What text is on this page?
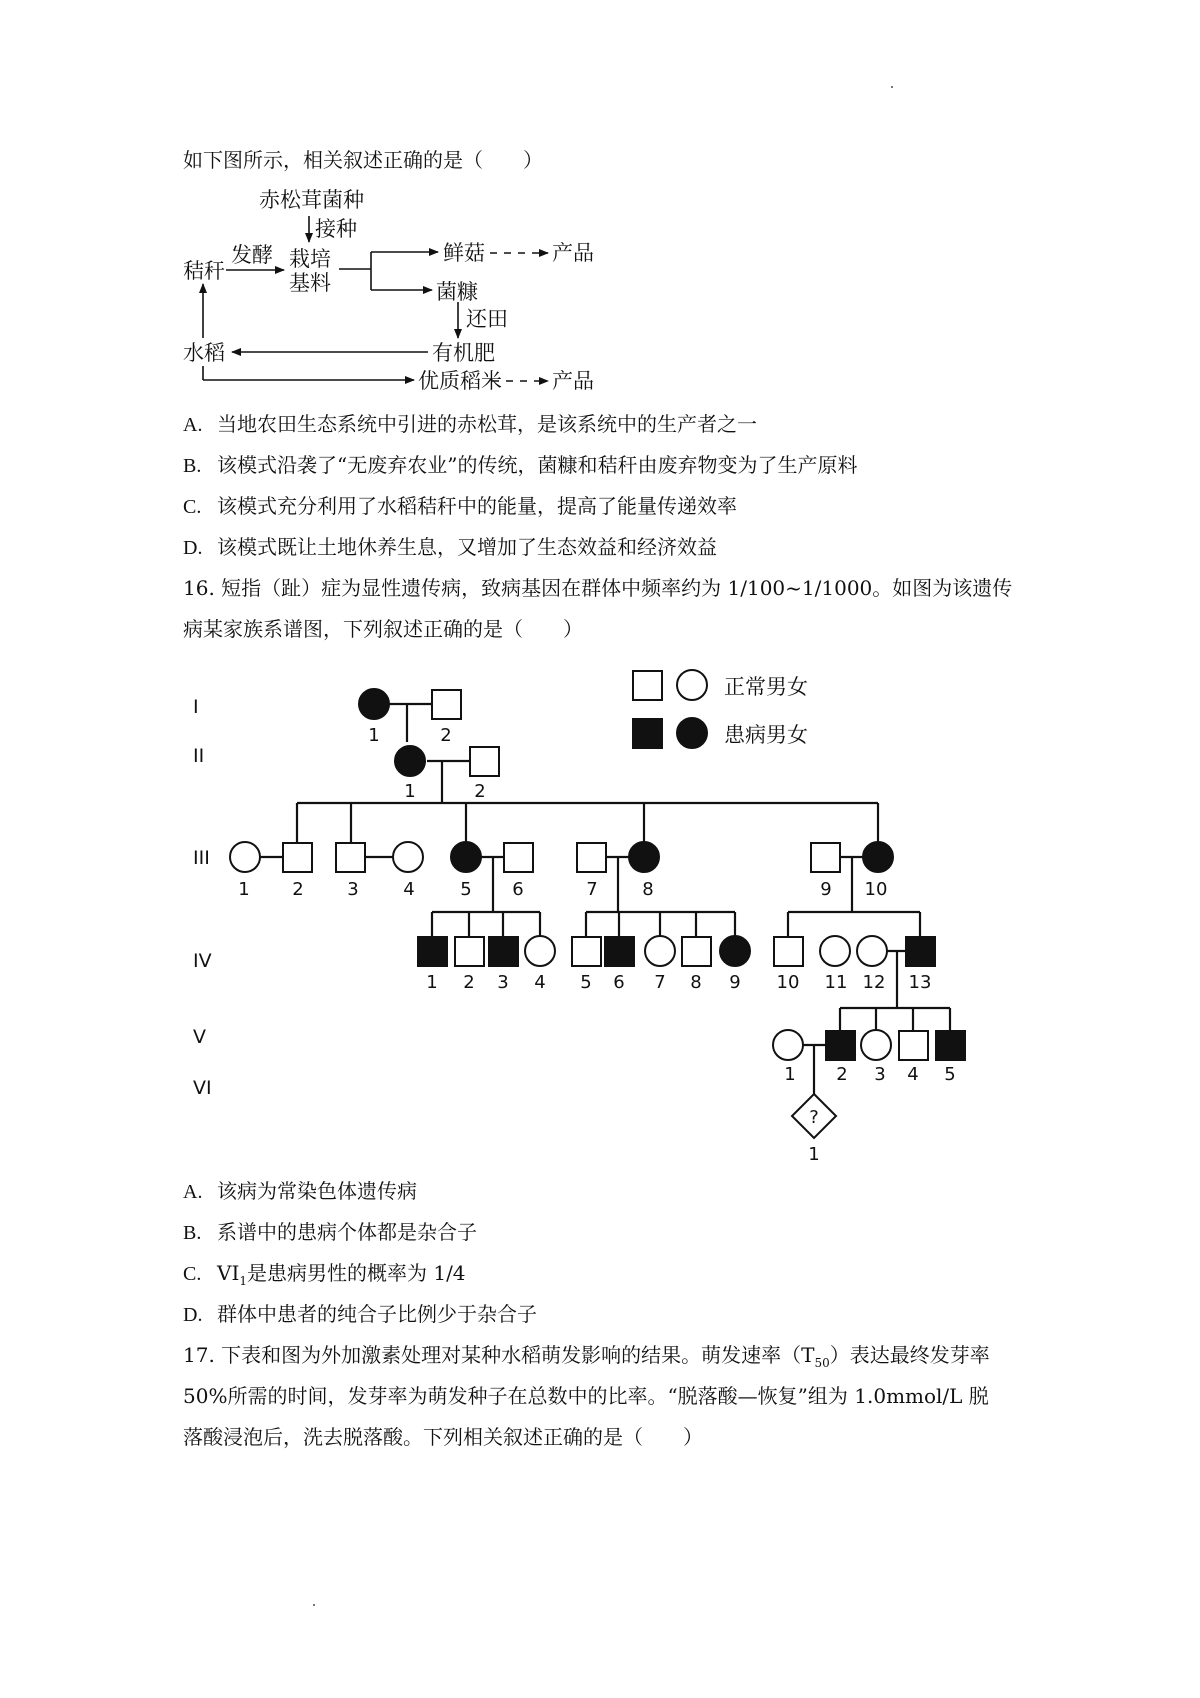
如下图所示，相关叙述正确的是（　　）
赤松茸菌种
接种
发酵
秸秆	栽培
基料
鲜菇	产品
菌糠
还田
水稻	有机肥
优质稻米 产品
A. 当地农田生态系统中引进的赤松茸，是该系统中的生产者之一
B. 该模式沿袭了“无废弃农业”的传统，菌糠和秸秆由废弃物变为了生产原料
C. 该模式充分利用了水稻秸秆中的能量，提高了能量传递效率
D. 该模式既让土地休养生息，又增加了生态效益和经济效益
16. 短指（趾）症为显性遗传病，致病基因在群体中频率约为 1/100~1/1000。如图为该遗传
病某家族系谱图，下列叙述正确的是（　　）
?
I
II
III
IV
V
VI
1	2
1	2
1 2 3 4	5 6	7 8	9 10
1 2 3 4 5 6 7 8 9 10 11 12 13
1 2 3 4 5
1
正常男女
患病男女
A. 该病为常染色体遗传病
B. 系谱中的患病个体都是杂合子
C. $VI_1$是患病男性的概率为 1/4
D. 群体中患者的纯合子比例少于杂合子
17. 下表和图为外加激素处理对某种水稻萌发影响的结果。萌发速率$(T_{50})$表达最终发芽率
50%所需的时间，发芽率为萌发种子在总数中的比率。“脱落酸—恢复”组为 1.0mmol/L 脱
落酸浸泡后，洗去脱落酸。下列相关叙述正确的是（　　）
